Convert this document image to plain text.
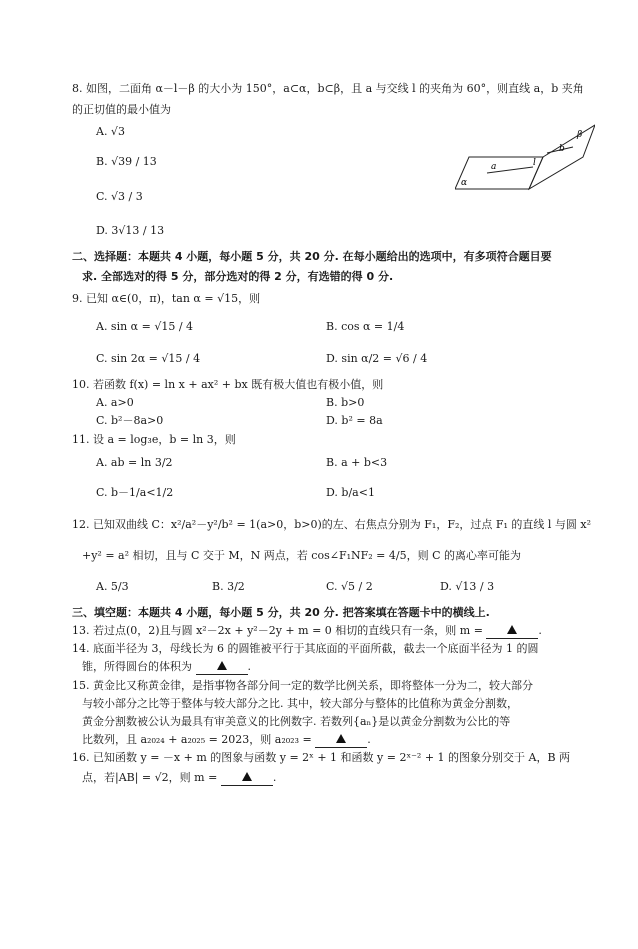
8. 如图，二面角 α－l－β 的大小为 150°，a⊂α，b⊂β，且 a 与交线 l 的夹角为 60°，则直线 a，b 夹角
的正切值的最小值为
A. √3
B. √39 / 13
C. √3 / 3
D. 3√13 / 13
α
β
a
b
l
二、选择题：本题共 4 小题，每小题 5 分，共 20 分. 在每小题给出的选项中，有多项符合题目要
求. 全部选对的得 5 分，部分选对的得 2 分，有选错的得 0 分.
9. 已知 α∈(0，π)，tan α = √15，则
A. sin α = √15 / 4	B. cos α = 1/4
C. sin 2α = √15 / 4	D. sin α/2 = √6 / 4
10. 若函数 f(x) = ln x + ax² + bx 既有极大值也有极小值，则
A. a>0	B. b>0
C. b²－8a>0	D. b² = 8a
11. 设 a = log₃e，b = ln 3，则
A. ab = ln 3/2	B. a + b<3
C. b－1/a<1/2	D. b/a<1
12. 已知双曲线 C：x²/a²－y²/b² = 1(a>0，b>0)的左、右焦点分别为 F₁，F₂，过点 F₁ 的直线 l 与圆 x²
+y² = a² 相切，且与 C 交于 M，N 两点，若 cos∠F₁NF₂ = 4/5，则 C 的离心率可能为
A. 5/3	B. 3/2	C. √5 / 2	D. √13 / 3
三、填空题：本题共 4 小题，每小题 5 分，共 20 分. 把答案填在答题卡中的横线上.
13. 若过点(0，2)且与圆 x²－2x + y²－2y + m = 0 相切的直线只有一条，则 m =	.
14. 底面半径为 3，母线长为 6 的圆锥被平行于其底面的平面所截，截去一个底面半径为 1 的圆
锥，所得圆台的体积为	.
15. 黄金比又称黄金律，是指事物各部分间一定的数学比例关系，即将整体一分为二，较大部分
与较小部分之比等于整体与较大部分之比. 其中，较大部分与整体的比值称为黄金分割数，
黄金分割数被公认为最具有审美意义的比例数字. 若数列{aₙ}是以黄金分割数为公比的等
比数列，且 a₂₀₂₄ + a₂₀₂₅ = 2023，则 a₂₀₂₃ =	.
16. 已知函数 y = －x + m 的图象与函数 y = 2ˣ + 1 和函数 y = 2ˣ⁻² + 1 的图象分别交于 A，B 两
点，若|AB| = √2，则 m =	.
